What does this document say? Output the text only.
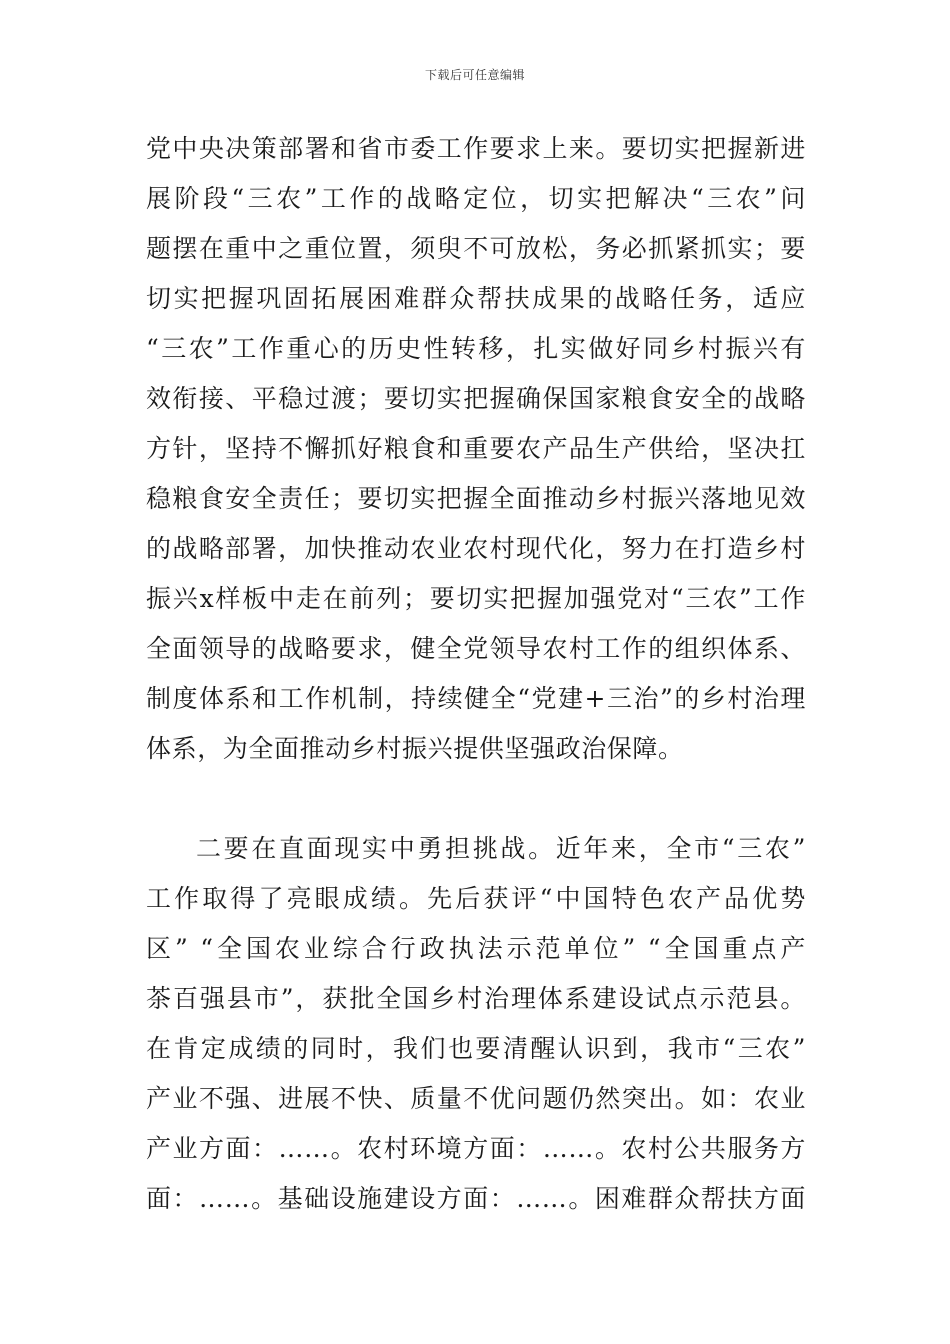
下载后可任意编辑
党中央决策部署和省市委工作要求上来。要切实把握新进
展阶段“三农”工作的战略定位，切实把解决“三农”问
题摆在重中之重位置，须臾不可放松，务必抓紧抓实；要
切实把握巩固拓展困难群众帮扶成果的战略任务，适应
“三农”工作重心的历史性转移，扎实做好同乡村振兴有
效衔接、平稳过渡；要切实把握确保国家粮食安全的战略
方针，坚持不懈抓好粮食和重要农产品生产供给，坚决扛
稳粮食安全责任；要切实把握全面推动乡村振兴落地见效
的战略部署，加快推动农业农村现代化，努力在打造乡村
振兴x样板中走在前列；要切实把握加强党对“三农”工作
全面领导的战略要求，健全党领导农村工作的组织体系、
制度体系和工作机制，持续健全“党建+三治”的乡村治理
体系，为全面推动乡村振兴提供坚强政治保障。
二要在直面现实中勇担挑战。近年来，全市“三农”
工作取得了亮眼成绩。先后获评“中国特色农产品优势
区” “全国农业综合行政执法示范单位” “全国重点产
茶百强县市”，获批全国乡村治理体系建设试点示范县。
在肯定成绩的同时，我们也要清醒认识到，我市“三农”
产业不强、进展不快、质量不优问题仍然突出。如：农业
产业方面：……。农村环境方面：……。农村公共服务方
面：……。基础设施建设方面：……。困难群众帮扶方面
